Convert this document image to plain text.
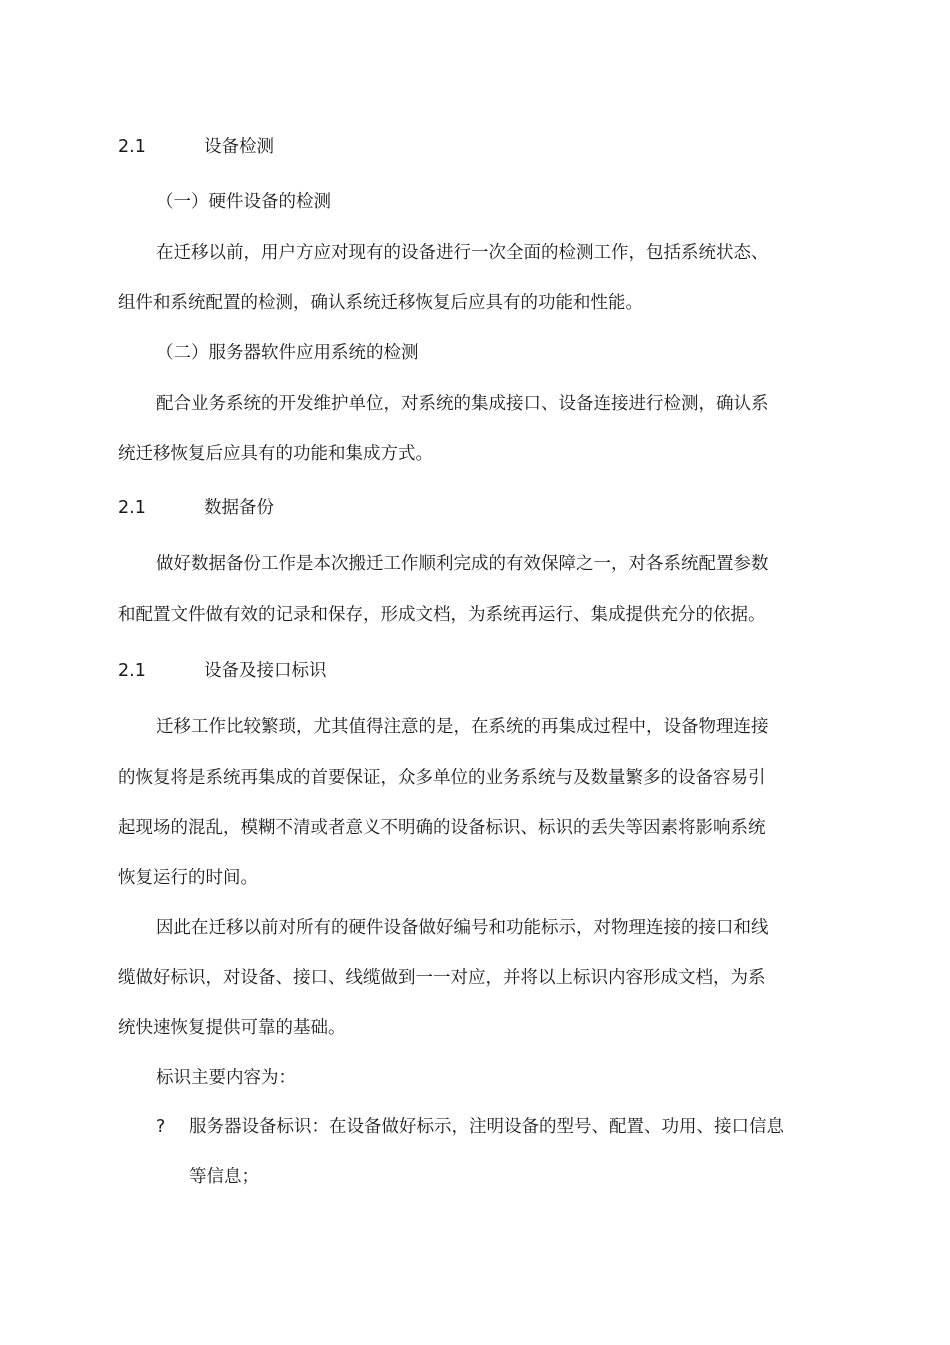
2.1	设备检测
（一）硬件设备的检测
在迁移以前，用户方应对现有的设备进行一次全面的检测工作，包括系统状态、
组件和系统配置的检测，确认系统迁移恢复后应具有的功能和性能。
（二）服务器软件应用系统的检测
配合业务系统的开发维护单位，对系统的集成接口、设备连接进行检测，确认系
统迁移恢复后应具有的功能和集成方式。
2.1	数据备份
做好数据备份工作是本次搬迁工作顺利完成的有效保障之一，对各系统配置参数
和配置文件做有效的记录和保存，形成文档，为系统再运行、集成提供充分的依据。
2.1	设备及接口标识
迁移工作比较繁琐，尤其值得注意的是，在系统的再集成过程中，设备物理连接
的恢复将是系统再集成的首要保证，众多单位的业务系统与及数量繁多的设备容易引
起现场的混乱，模糊不清或者意义不明确的设备标识、标识的丢失等因素将影响系统
恢复运行的时间。
因此在迁移以前对所有的硬件设备做好编号和功能标示，对物理连接的接口和线
缆做好标识，对设备、接口、线缆做到一一对应，并将以上标识内容形成文档，为系
统快速恢复提供可靠的基础。
标识主要内容为：
? 服务器设备标识：在设备做好标示，注明设备的型号、配置、功用、接口信息
等信息；
